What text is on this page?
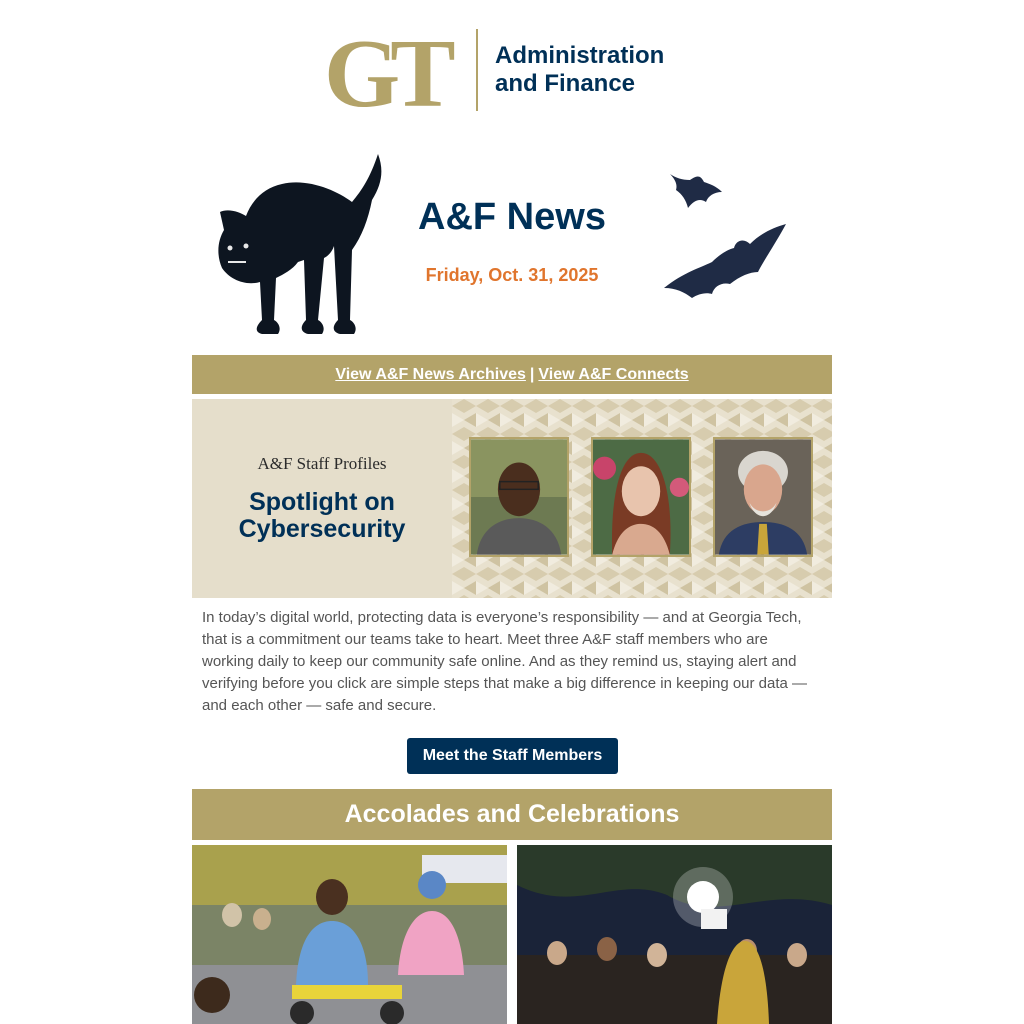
GT	Administration
and Finance
A&F News
Friday, Oct. 31, 2025
View A&F News Archives | View A&F Connects
A&F Staff Profiles
Spotlight on
Cybersecurity

In today’s digital world, protecting data is everyone’s responsibility — and at Georgia Tech, that is a commitment our teams take to heart. Meet three A&F staff members who are working daily to keep our community safe online. And as they remind us, staying alert and verifying before you click are simple steps that make a big difference in keeping our data — and each other — safe and secure.

Meet the Staff Members
Accolades and Celebrations
